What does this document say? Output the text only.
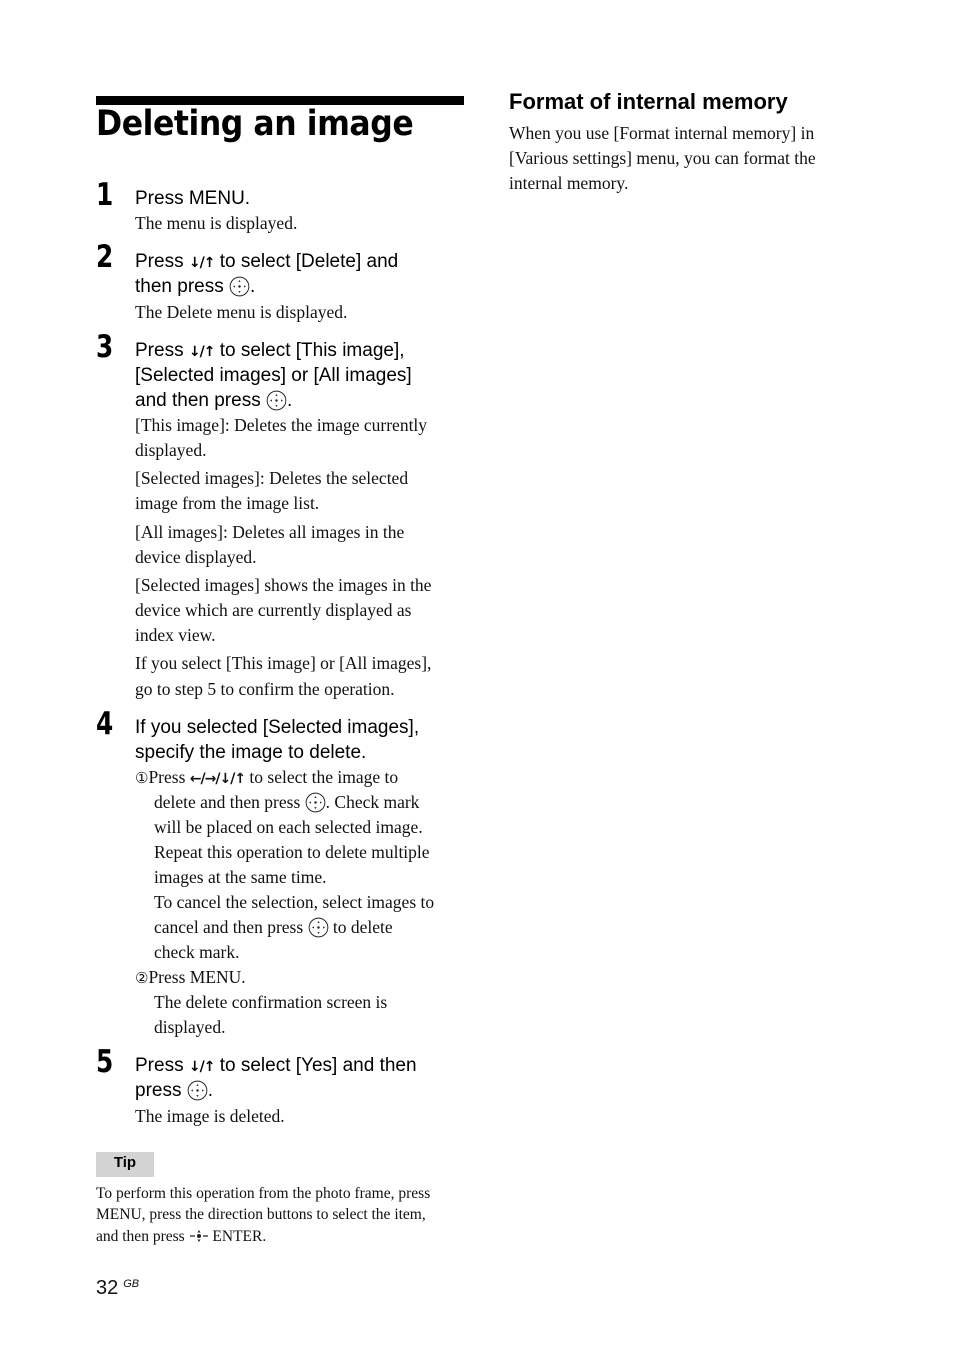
Deleting an image
1 Press MENU.
The menu is displayed.
2 Press ↓/↑ to select [Delete] and
then press .
The Delete menu is displayed.
3 Press ↓/↑ to select [This image],
[Selected images] or [All images]
and then press .
[This image]: Deletes the image currently
displayed.
[Selected images]: Deletes the selected
image from the image list.
[All images]: Deletes all images in the
device displayed.
[Selected images] shows the images in the
device which are currently displayed as
index view.
If you select [This image] or [All images],
go to step 5 to confirm the operation.
4 If you selected [Selected images],
specify the image to delete.
①Press ←/→/↓/↑ to select the image to
delete and then press . Check mark
will be placed on each selected image.
Repeat this operation to delete multiple
images at the same time.
To cancel the selection, select images to
cancel and then press to delete
check mark.
②Press MENU.
The delete confirmation screen is
displayed.
5 Press ↓/↑ to select [Yes] and then
press .
The image is deleted.
Tip
To perform this operation from the photo frame, press
MENU, press the direction buttons to select the item,
and then press ENTER.
Format of internal memory
When you use [Format internal memory] in
[Various settings] menu, you can format the
internal memory.
32 $^{GB}$
